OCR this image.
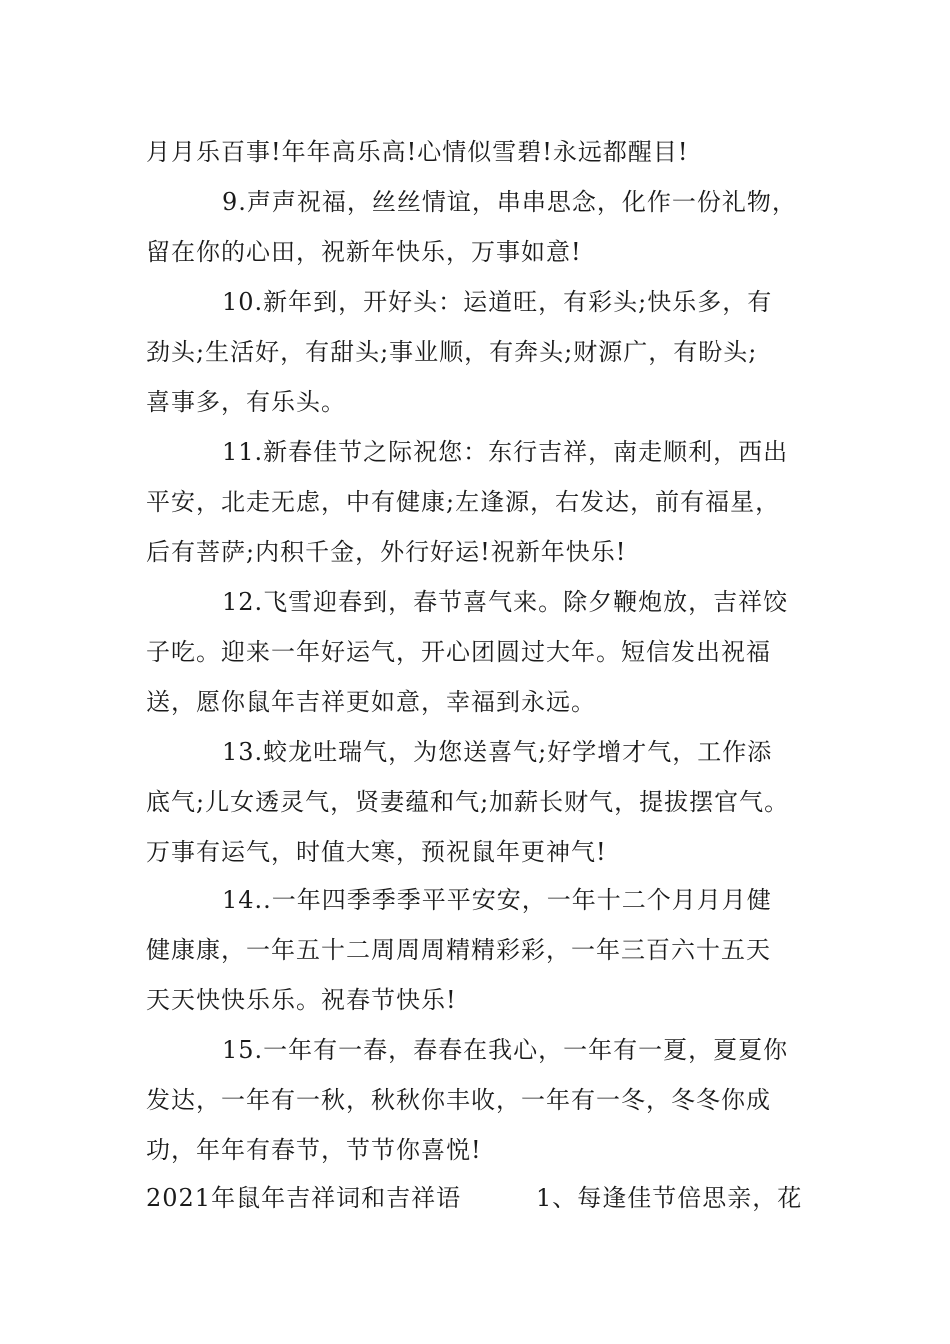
月月乐百事!年年高乐高!心情似雪碧!永远都醒目!
9.声声祝福，丝丝情谊，串串思念，化作一份礼物，
留在你的心田，祝新年快乐，万事如意!
10.新年到，开好头：运道旺，有彩头;快乐多，有
劲头;生活好，有甜头;事业顺，有奔头;财源广，有盼头;
喜事多，有乐头。
11.新春佳节之际祝您：东行吉祥，南走顺利，西出
平安，北走无虑，中有健康;左逢源，右发达，前有福星，
后有菩萨;内积千金，外行好运!祝新年快乐!
12.飞雪迎春到，春节喜气来。除夕鞭炮放，吉祥饺
子吃。迎来一年好运气，开心团圆过大年。短信发出祝福
送，愿你鼠年吉祥更如意，幸福到永远。
13.蛟龙吐瑞气，为您送喜气;好学增才气，工作添
底气;儿女透灵气，贤妻蕴和气;加薪长财气，提拔摆官气。
万事有运气，时值大寒，预祝鼠年更神气!
14..一年四季季季平平安安，一年十二个月月月健
健康康，一年五十二周周周精精彩彩，一年三百六十五天
天天快快乐乐。祝春节快乐!
15.一年有一春，春春在我心，一年有一夏，夏夏你
发达，一年有一秋，秋秋你丰收，一年有一冬，冬冬你成
功，年年有春节，节节你喜悦!
2021年鼠年吉祥词和吉祥语	1、每逢佳节倍思亲，花
